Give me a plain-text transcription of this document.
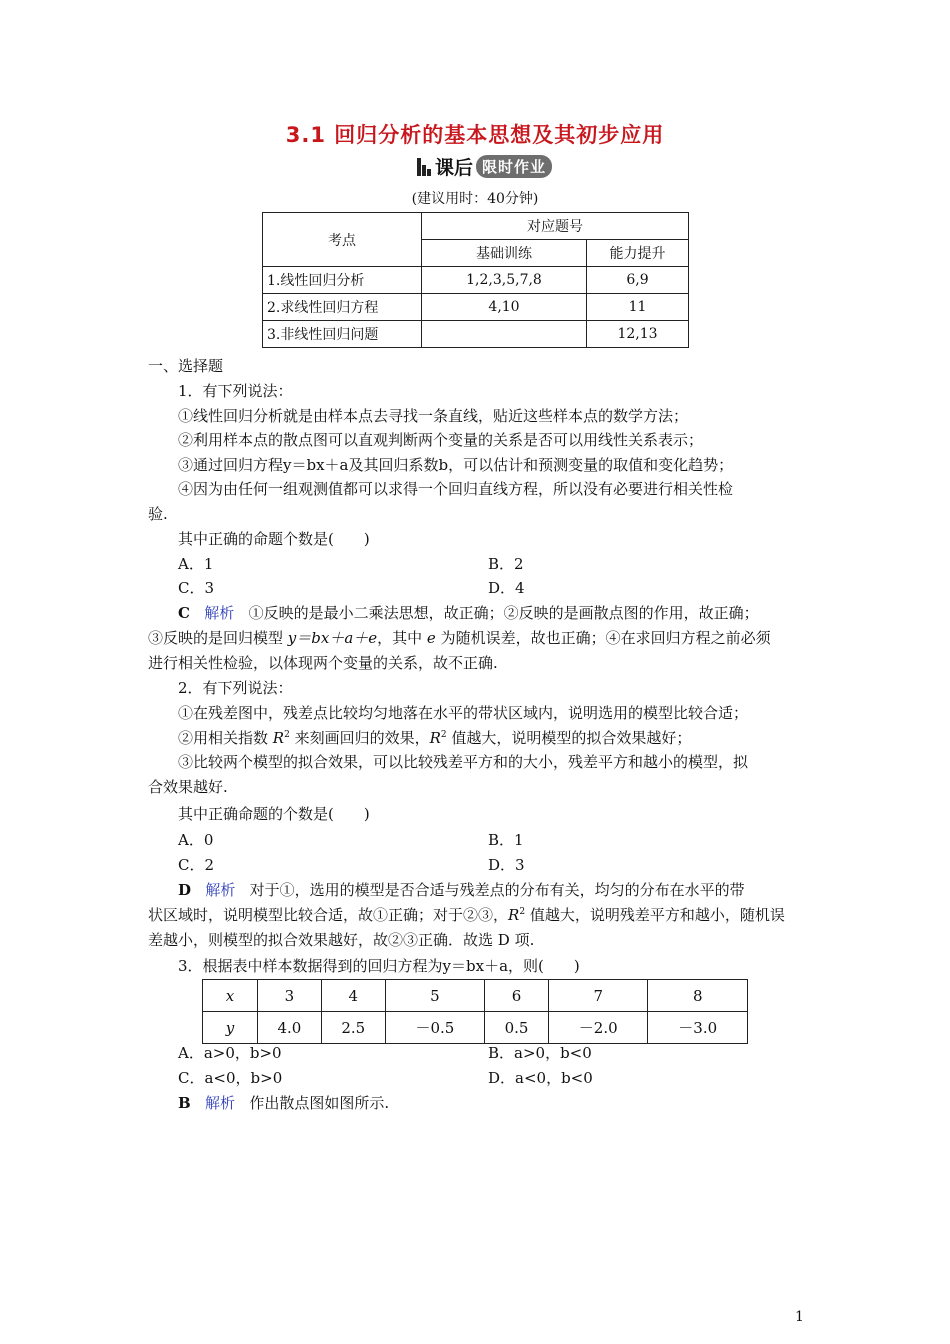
3.1 回归分析的基本思想及其初步应用
课后 限时作业
(建议用时：40分钟)
考点	对应题号	
	基础训练	能力提升
1.线性回归分析	1,2,3,5,7,8	6,9
2.求线性回归方程	4,10	11
3.非线性回归问题		12,13
一、选择题
1．有下列说法：
①线性回归分析就是由样本点去寻找一条直线，贴近这些样本点的数学方法；
②利用样本点的散点图可以直观判断两个变量的关系是否可以用线性关系表示；
③通过回归方程y＝bx＋a及其回归系数b，可以估计和预测变量的取值和变化趋势；
④因为由任何一组观测值都可以求得一个回归直线方程，所以没有必要进行相关性检
验.
其中正确的命题个数是(　　)
A．1	B．2
C．3	D．4
C 解析 ①反映的是最小二乘法思想，故正确；②反映的是画散点图的作用，故正确；
③反映的是回归模型 y＝bx＋a＋e，其中 e 为随机误差，故也正确；④在求回归方程之前必须
进行相关性检验，以体现两个变量的关系，故不正确.
2．有下列说法：
①在残差图中，残差点比较均匀地落在水平的带状区域内，说明选用的模型比较合适；
②用相关指数 $R^2$ 来刻画回归的效果，$R^2$ 值越大，说明模型的拟合效果越好；
③比较两个模型的拟合效果，可以比较残差平方和的大小，残差平方和越小的模型，拟
合效果越好.
其中正确命题的个数是(　　)
A．0	B．1
C．2	D．3
D 解析 对于①，选用的模型是否合适与残差点的分布有关，均匀的分布在水平的带
状区域时，说明模型比较合适，故①正确；对于②③，$R^2$ 值越大，说明残差平方和越小，随机误
差越小，则模型的拟合效果越好，故②③正确．故选 D 项.
3．根据表中样本数据得到的回归方程为y＝bx＋a，则(　　)
x	3	4	5	6	7	8
y	4.0	2.5	－0.5	0.5	－2.0	－3.0
A．a>0，b>0	B．a>0，b<0
C．a<0，b>0	D．a<0，b<0
B 解析 作出散点图如图所示.
1
